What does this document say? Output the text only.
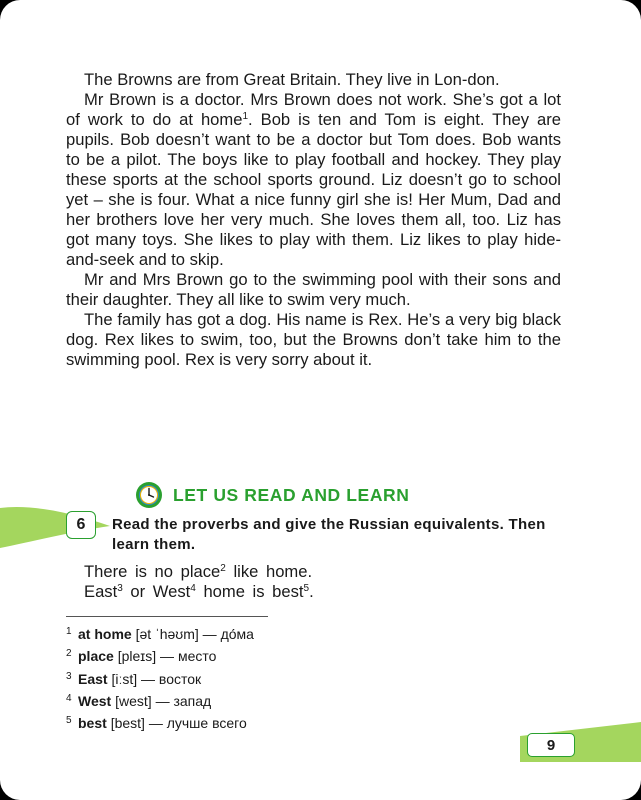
The Browns are from Great Britain. They live in Lon-don.

Mr Brown is a doctor. Mrs Brown does not work. She’s got a lot of work to do at home$^1$. Bob is ten and Tom is eight. They are pupils. Bob doesn’t want to be a doctor but Tom does. Bob wants to be a pilot. The boys like to play football and hockey. They play these sports at the school sports ground. Liz doesn’t go to school yet – she is four. What a nice funny girl she is! Her Mum, Dad and her brothers love her very much. She loves them all, too. Liz has got many toys. She likes to play with them. Liz likes to play hide-and-seek and to skip.

Mr and Mrs Brown go to the swimming pool with their sons and their daughter. They all like to swim very much.

The family has got a dog. His name is Rex. He’s a very big black dog. Rex likes to swim, too, but the Browns don’t take him to the swimming pool. Rex is very sorry about it.

LET US READ AND LEARN
6	Read the proverbs and give the Russian equivalents. Then learn them.

There is no place$^2$ like home.

East$^3$ or West$^4$ home is best$^5$.

1 at home [ət ˈhəʊm] — до́ма
2 place [pleɪs] — место
3 East [iːst] — восток
4 West [west] — запад
5 best [best] — лучше всего
9
